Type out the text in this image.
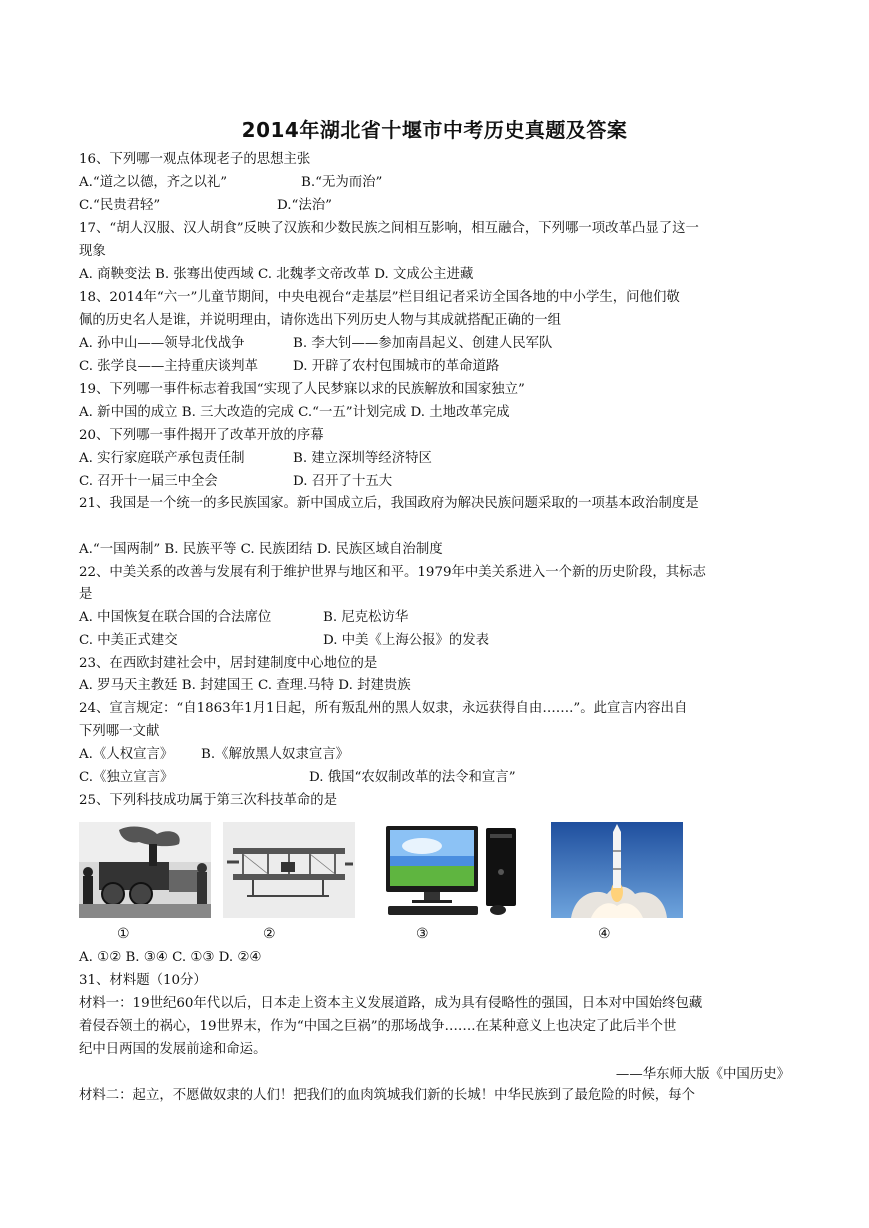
2014年湖北省十堰市中考历史真题及答案
16、下列哪一观点体现老子的思想主张
A.“道之以德，齐之以礼”	B.“无为而治”
C.“民贵君轻”	D.“法治”
17、“胡人汉服、汉人胡食”反映了汉族和少数民族之间相互影响，相互融合，下列哪一项改革凸显了这一
现象
A. 商鞅变法 B. 张骞出使西域 C. 北魏孝文帝改革 D. 文成公主进藏
18、2014年“六一”儿童节期间，中央电视台“走基层”栏目组记者采访全国各地的中小学生，问他们敬
佩的历史名人是谁，并说明理由，请你选出下列历史人物与其成就搭配正确的一组
A. 孙中山——领导北伐战争	B. 李大钊——参加南昌起义、创建人民军队
C. 张学良——主持重庆谈判革	D. 开辟了农村包围城市的革命道路
19、下列哪一事件标志着我国“实现了人民梦寐以求的民族解放和国家独立”
A. 新中国的成立 B. 三大改造的完成 C.“一五”计划完成 D. 土地改革完成
20、下列哪一事件揭开了改革开放的序幕
A. 实行家庭联产承包责任制	B. 建立深圳等经济特区
C. 召开十一届三中全会	D. 召开了十五大
21、我国是一个统一的多民族国家。新中国成立后，我国政府为解决民族问题采取的一项基本政治制度是
A.“一国两制” B. 民族平等 C. 民族团结 D. 民族区域自治制度
22、中美关系的改善与发展有利于维护世界与地区和平。1979年中美关系进入一个新的历史阶段，其标志
是
A. 中国恢复在联合国的合法席位	B. 尼克松访华
C. 中美正式建交	D. 中美《上海公报》的发表
23、在西欧封建社会中，居封建制度中心地位的是
A. 罗马天主教廷 B. 封建国王 C. 查理.马特 D. 封建贵族
24、宣言规定：“自1863年1月1日起，所有叛乱州的黑人奴隶，永远获得自由…….”。此宣言内容出自
下列哪一文献
A.《人权宣言》 B.《解放黑人奴隶宣言》
C.《独立宣言》	D. 俄国“农奴制改革的法令和宣言”
25、下列科技成功属于第三次科技革命的是
①	②	③	④
A. ①② B. ③④ C. ①③ D. ②④
31、材料题（10分）
材料一：19世纪60年代以后，日本走上资本主义发展道路，成为具有侵略性的强国，日本对中国始终包藏
着侵吞领土的祸心，19世界末，作为“中国之巨祸”的那场战争…….在某种意义上也决定了此后半个世
纪中日两国的发展前途和命运。
——华东师大版《中国历史》
材料二：起立，不愿做奴隶的人们！把我们的血肉筑城我们新的长城！中华民族到了最危险的时候，每个
